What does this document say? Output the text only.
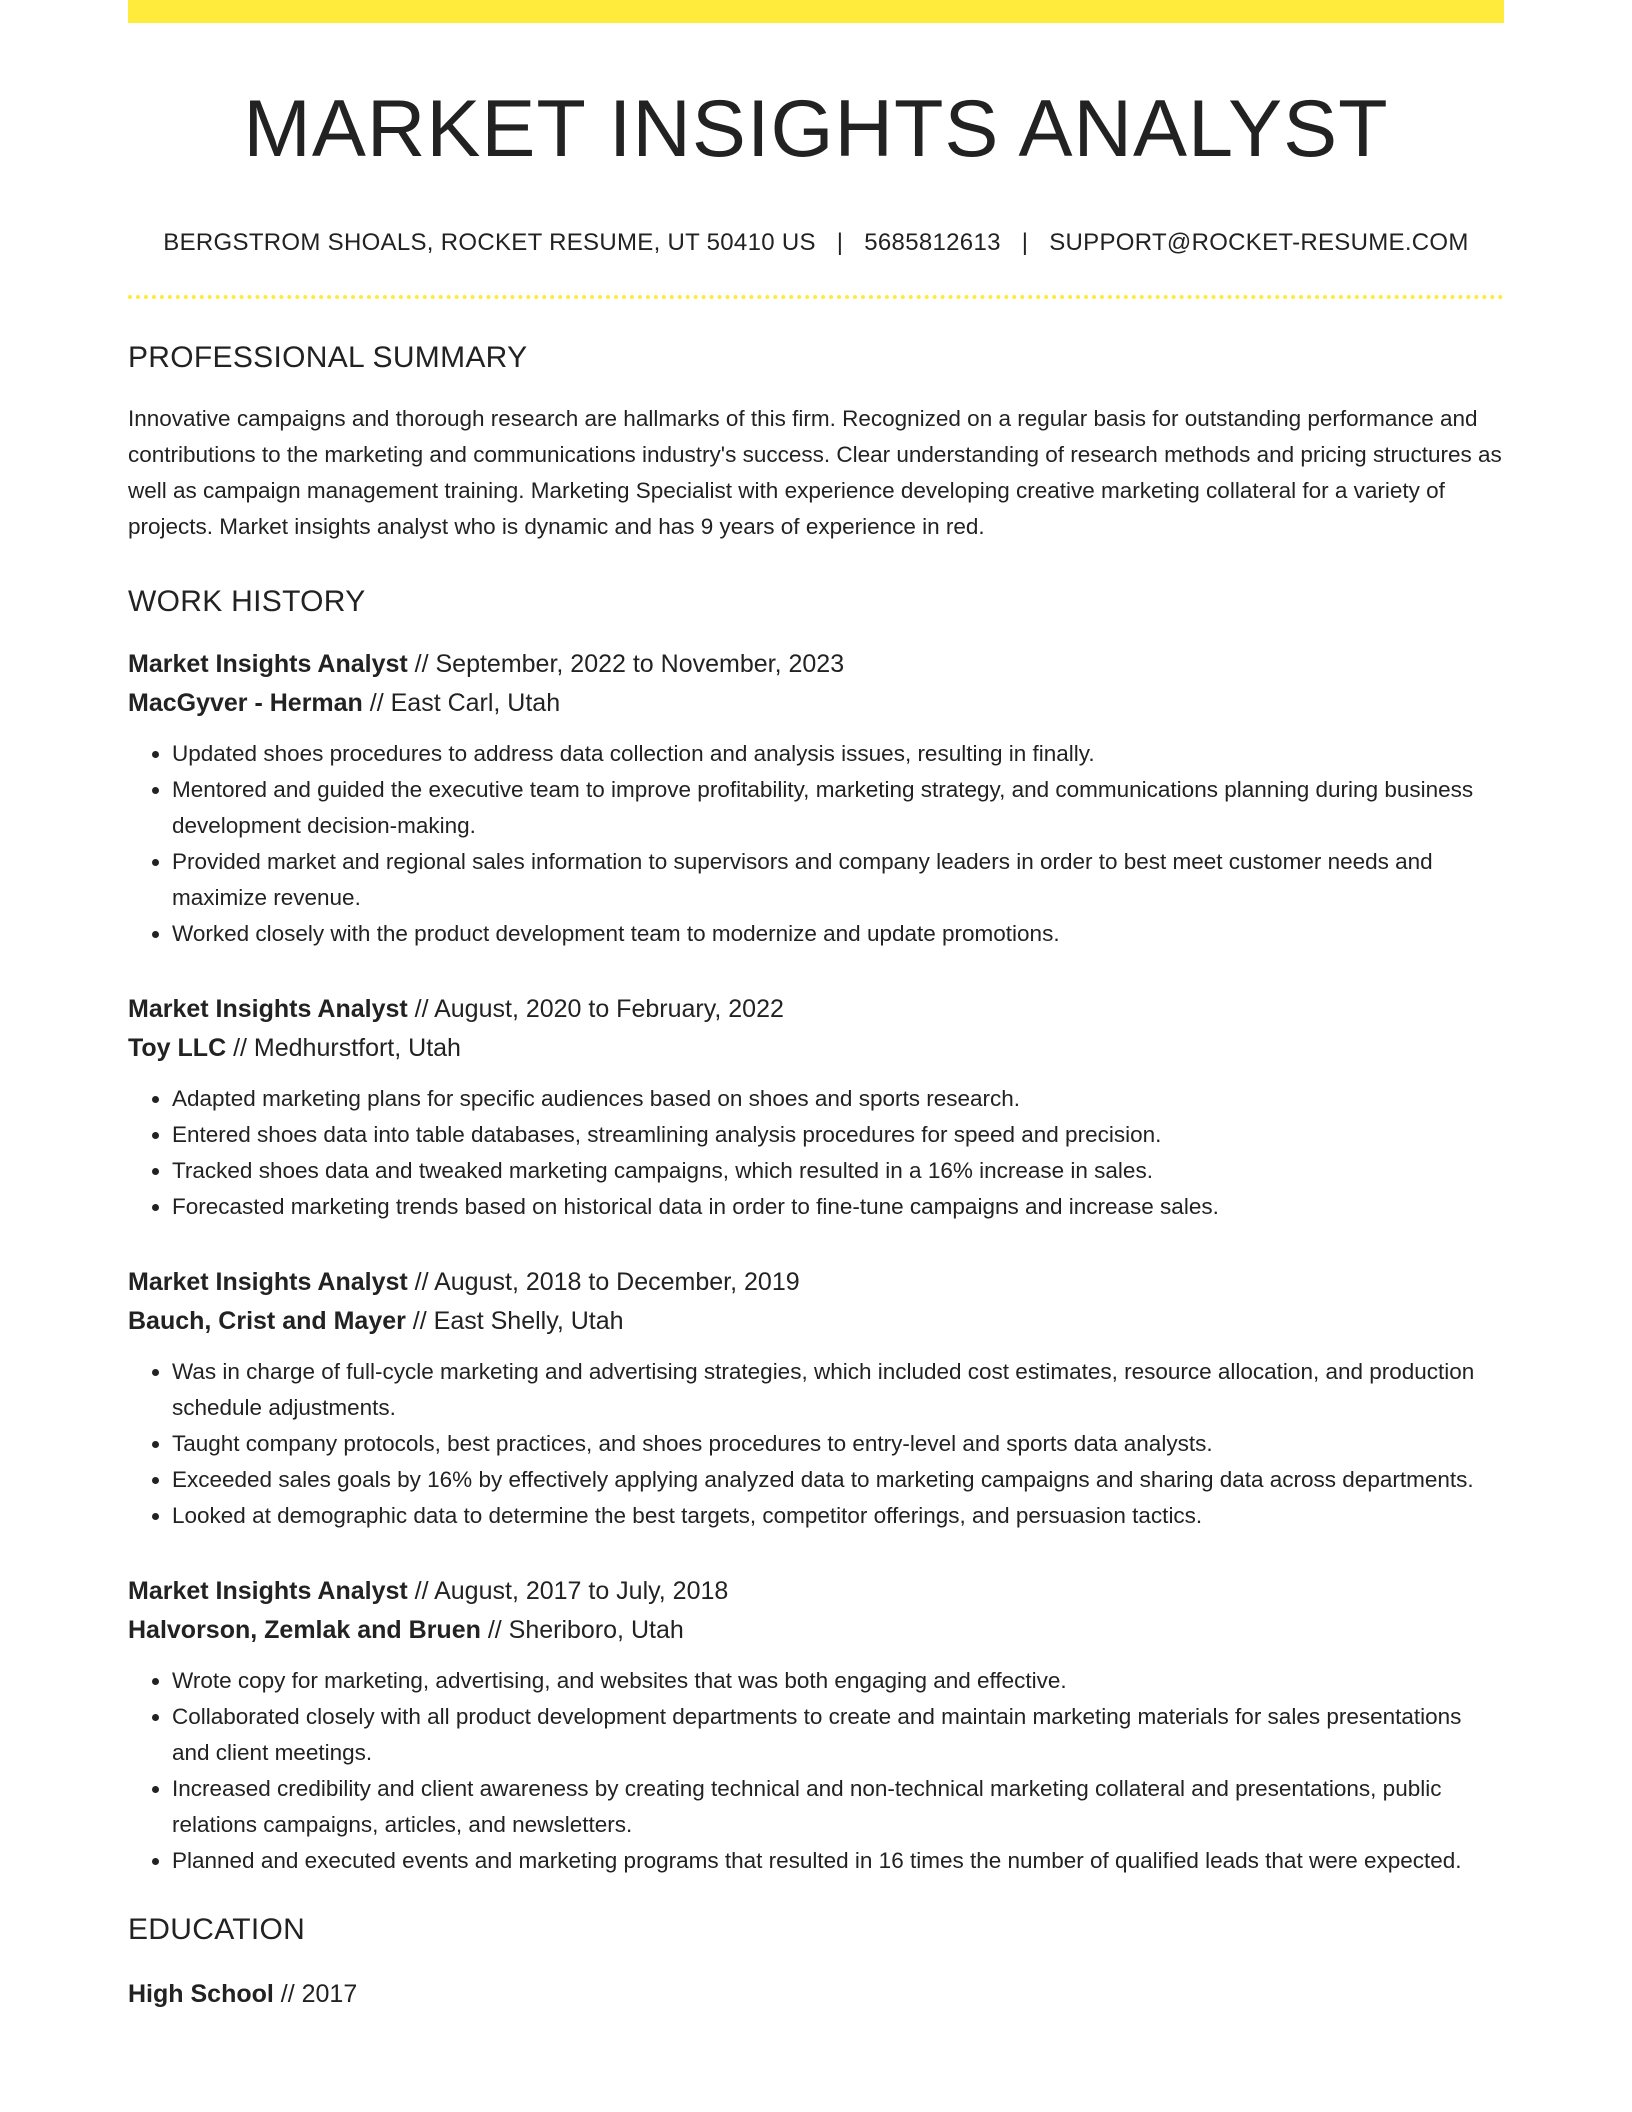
MARKET INSIGHTS ANALYST
BERGSTROM SHOALS, ROCKET RESUME, UT 50410 US | 5685812613 | SUPPORT@ROCKET-RESUME.COM
PROFESSIONAL SUMMARY

Innovative campaigns and thorough research are hallmarks of this firm. Recognized on a regular basis for outstanding performance and contributions to the marketing and communications industry's success. Clear understanding of research methods and pricing structures as well as campaign management training. Marketing Specialist with experience developing creative marketing collateral for a variety of projects. Market insights analyst who is dynamic and has 9 years of experience in red.

WORK HISTORY
Market Insights Analyst // September, 2022 to November, 2023
MacGyver - Herman // East Carl, Utah
• Updated shoes procedures to address data collection and analysis issues, resulting in finally.
• Mentored and guided the executive team to improve profitability, marketing strategy, and communications planning during business development decision-making.
• Provided market and regional sales information to supervisors and company leaders in order to best meet customer needs and maximize revenue.
• Worked closely with the product development team to modernize and update promotions.
Market Insights Analyst // August, 2020 to February, 2022
Toy LLC // Medhurstfort, Utah
• Adapted marketing plans for specific audiences based on shoes and sports research.
• Entered shoes data into table databases, streamlining analysis procedures for speed and precision.
• Tracked shoes data and tweaked marketing campaigns, which resulted in a 16% increase in sales.
• Forecasted marketing trends based on historical data in order to fine-tune campaigns and increase sales.
Market Insights Analyst // August, 2018 to December, 2019
Bauch, Crist and Mayer // East Shelly, Utah
• Was in charge of full-cycle marketing and advertising strategies, which included cost estimates, resource allocation, and production schedule adjustments.
• Taught company protocols, best practices, and shoes procedures to entry-level and sports data analysts.
• Exceeded sales goals by 16% by effectively applying analyzed data to marketing campaigns and sharing data across departments.
• Looked at demographic data to determine the best targets, competitor offerings, and persuasion tactics.
Market Insights Analyst // August, 2017 to July, 2018
Halvorson, Zemlak and Bruen // Sheriboro, Utah
• Wrote copy for marketing, advertising, and websites that was both engaging and effective.
• Collaborated closely with all product development departments to create and maintain marketing materials for sales presentations and client meetings.
• Increased credibility and client awareness by creating technical and non-technical marketing collateral and presentations, public relations campaigns, articles, and newsletters.
• Planned and executed events and marketing programs that resulted in 16 times the number of qualified leads that were expected.
EDUCATION
High School // 2017
